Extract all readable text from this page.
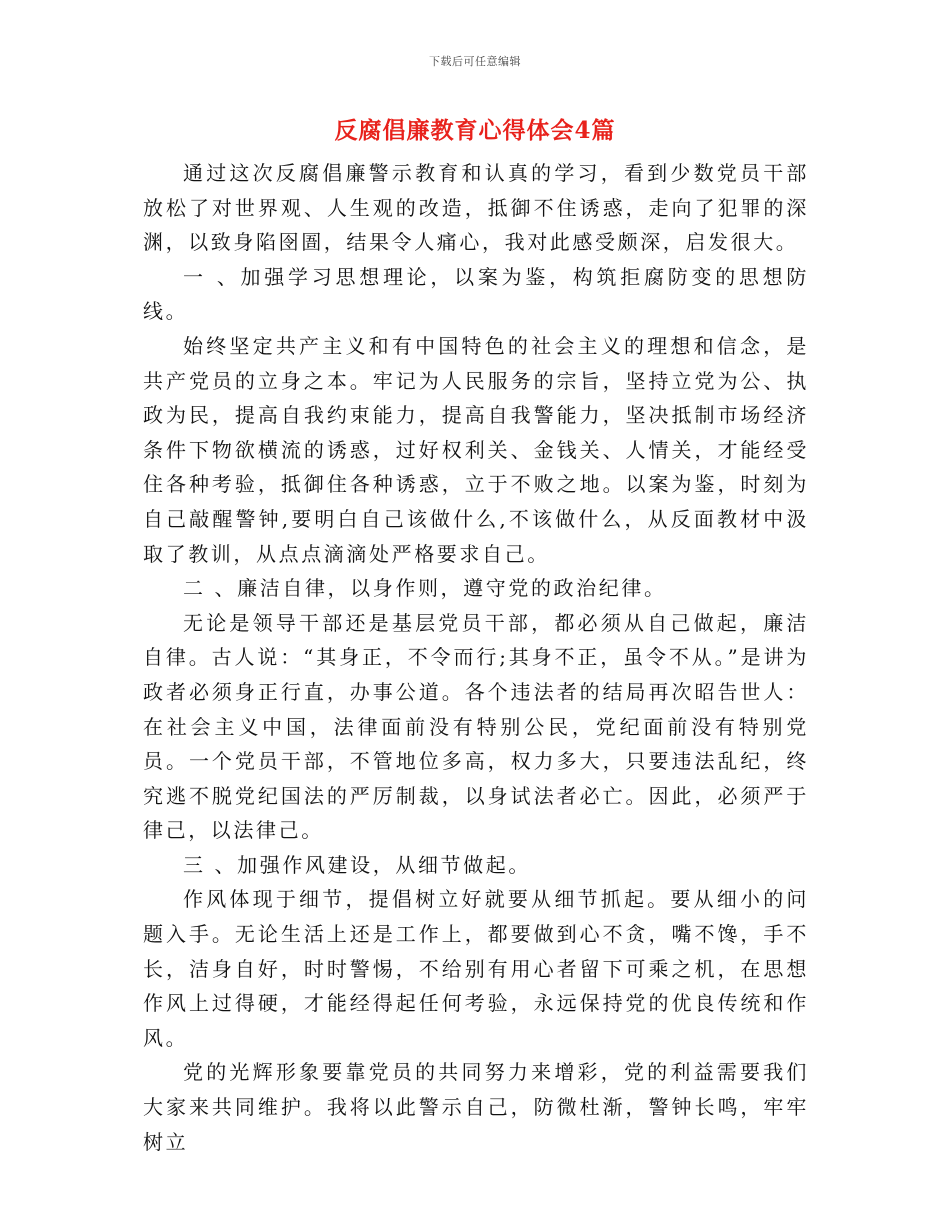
下载后可任意编辑
反腐倡廉教育心得体会4篇

通过这次反腐倡廉警示教育和认真的学习，看到少数党员干部放松了对世界观、人生观的改造，抵御不住诱惑，走向了犯罪的深渊，以致身陷囹圄，结果令人痛心，我对此感受颇深，启发很大。

一 、加强学习思想理论，以案为鉴，构筑拒腐防变的思想防线。

始终坚定共产主义和有中国特色的社会主义的理想和信念，是共产党员的立身之本。牢记为人民服务的宗旨，坚持立党为公、执政为民，提高自我约束能力，提高自我警能力，坚决抵制市场经济条件下物欲横流的诱惑，过好权利关、金钱关、人情关，才能经受住各种考验，抵御住各种诱惑，立于不败之地。以案为鉴，时刻为自己敲醒警钟,要明白自己该做什么,不该做什么，从反面教材中汲取了教训，从点点滴滴处严格要求自己。

二 、廉洁自律，以身作则，遵守党的政治纪律。

无论是领导干部还是基层党员干部，都必须从自己做起，廉洁自律。古人说：“其身正，不令而行;其身不正，虽令不从。”是讲为政者必须身正行直，办事公道。各个违法者的结局再次昭告世人：在社会主义中国，法律面前没有特别公民，党纪面前没有特别党员。一个党员干部，不管地位多高，权力多大，只要违法乱纪，终究逃不脱党纪国法的严厉制裁，以身试法者必亡。因此，必须严于律己，以法律己。

三 、加强作风建设，从细节做起。

作风体现于细节，提倡树立好就要从细节抓起。要从细小的问题入手。无论生活上还是工作上，都要做到心不贪，嘴不馋，手不长，洁身自好，时时警惕，不给别有用心者留下可乘之机，在思想作风上过得硬，才能经得起任何考验，永远保持党的优良传统和作风。

党的光辉形象要靠党员的共同努力来增彩，党的利益需要我们大家来共同维护。我将以此警示自己，防微杜渐，警钟长鸣，牢牢树立
